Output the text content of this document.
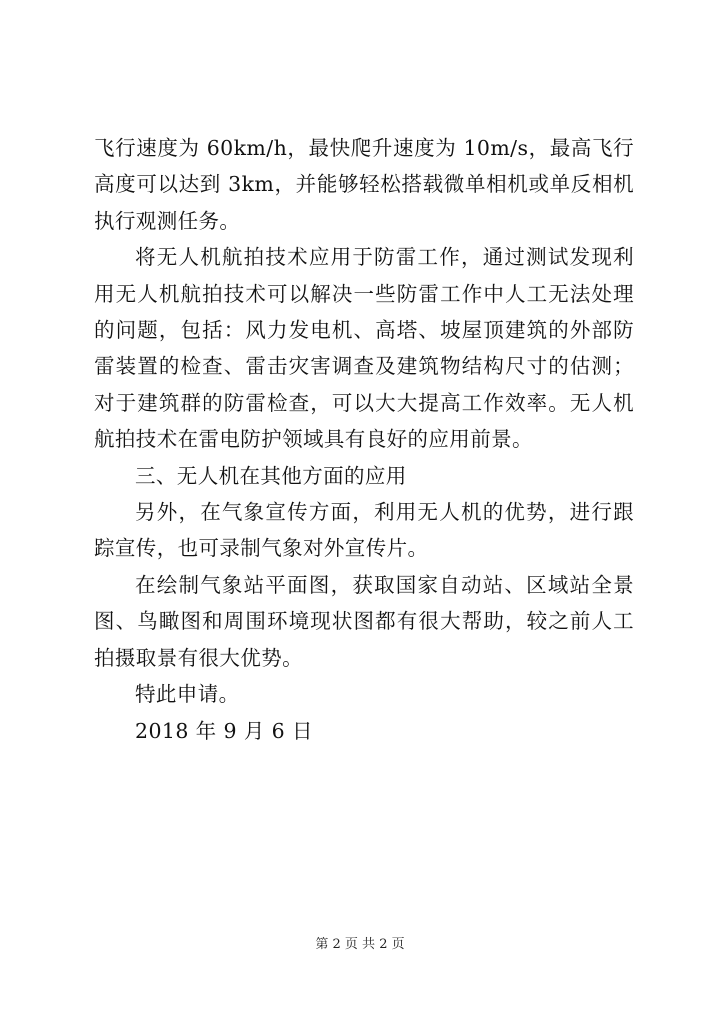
飞行速度为 60km/h，最快爬升速度为 10m/s，最高飞行高度可以达到 3km，并能够轻松搭载微单相机或单反相机执行观测任务。

将无人机航拍技术应用于防雷工作，通过测试发现利用无人机航拍技术可以解决一些防雷工作中人工无法处理的问题，包括：风力发电机、高塔、坡屋顶建筑的外部防雷装置的检查、雷击灾害调查及建筑物结构尺寸的估测；对于建筑群的防雷检查，可以大大提高工作效率。无人机航拍技术在雷电防护领域具有良好的应用前景。

三、无人机在其他方面的应用

另外，在气象宣传方面，利用无人机的优势，进行跟踪宣传，也可录制气象对外宣传片。

在绘制气象站平面图，获取国家自动站、区域站全景图、鸟瞰图和周围环境现状图都有很大帮助，较之前人工拍摄取景有很大优势。

特此申请。

2018 年 9 月 6 日

第 2 页 共 2 页
